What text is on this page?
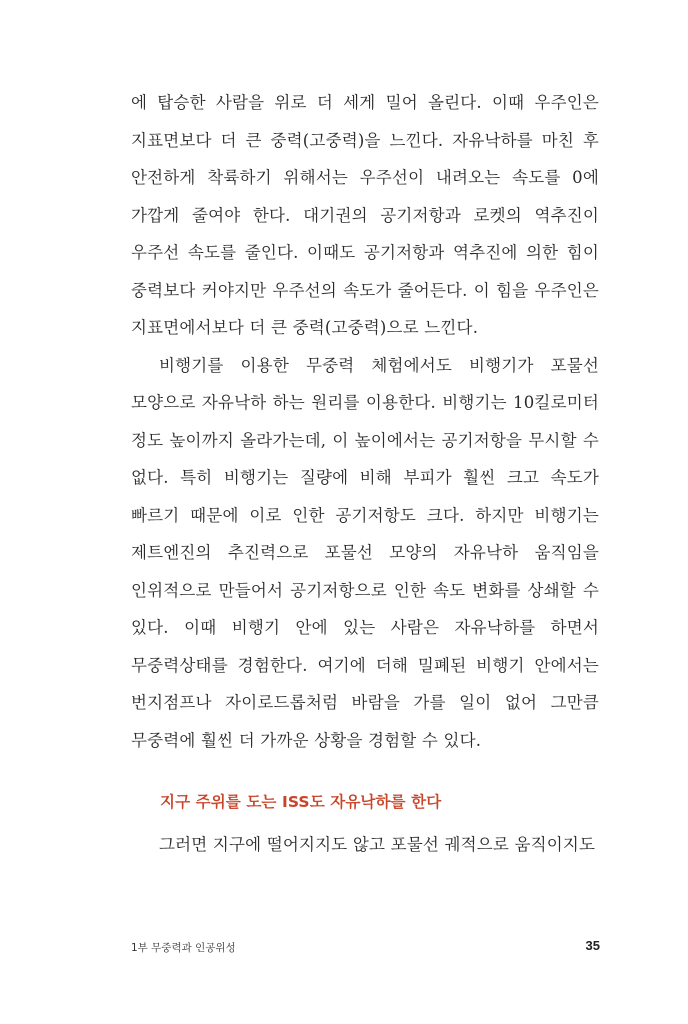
에 탑승한 사람을 위로 더 세게 밀어 올린다. 이때 우주인은 지표면보다 더 큰 중력(고중력)을 느낀다. 자유낙하를 마친 후 안전하게 착륙하기 위해서는 우주선이 내려오는 속도를 0에 가깝게 줄여야 한다. 대기권의 공기저항과 로켓의 역추진이 우주선 속도를 줄인다. 이때도 공기저항과 역추진에 의한 힘이 중력보다 커야지만 우주선의 속도가 줄어든다. 이 힘을 우주인은 지표면에서보다 더 큰 중력(고중력)으로 느낀다.

비행기를 이용한 무중력 체험에서도 비행기가 포물선 모양으로 자유낙하 하는 원리를 이용한다. 비행기는 10킬로미터 정도 높이까지 올라가는데, 이 높이에서는 공기저항을 무시할 수 없다. 특히 비행기는 질량에 비해 부피가 훨씬 크고 속도가 빠르기 때문에 이로 인한 공기저항도 크다. 하지만 비행기는 제트엔진의 추진력으로 포물선 모양의 자유낙하 움직임을 인위적으로 만들어서 공기저항으로 인한 속도 변화를 상쇄할 수 있다. 이때 비행기 안에 있는 사람은 자유낙하를 하면서 무중력상태를 경험한다. 여기에 더해 밀폐된 비행기 안에서는 번지점프나 자이로드롭처럼 바람을 가를 일이 없어 그만큼 무중력에 훨씬 더 가까운 상황을 경험할 수 있다.

지구 주위를 도는 ISS도 자유낙하를 한다

그러면 지구에 떨어지지도 않고 포물선 궤적으로 움직이지도

1부 무중력과 인공위성	35
